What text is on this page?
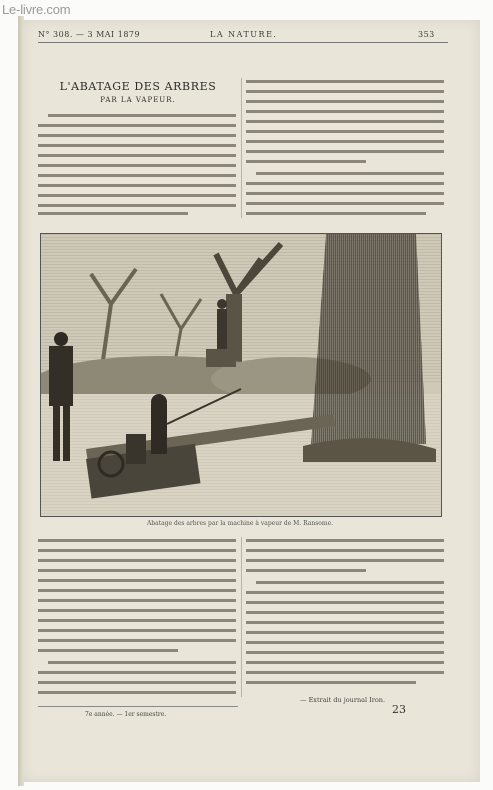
Le-livre.com
N° 308. — 3 MAI 1879	LA NATURE.	353
L'ABATAGE DES ARBRES
PAR LA VAPEUR.
Abatage des arbres par la machine à vapeur de M. Ransome.
— Extrait du journal Iron.
7e année. — 1er semestre.	23
